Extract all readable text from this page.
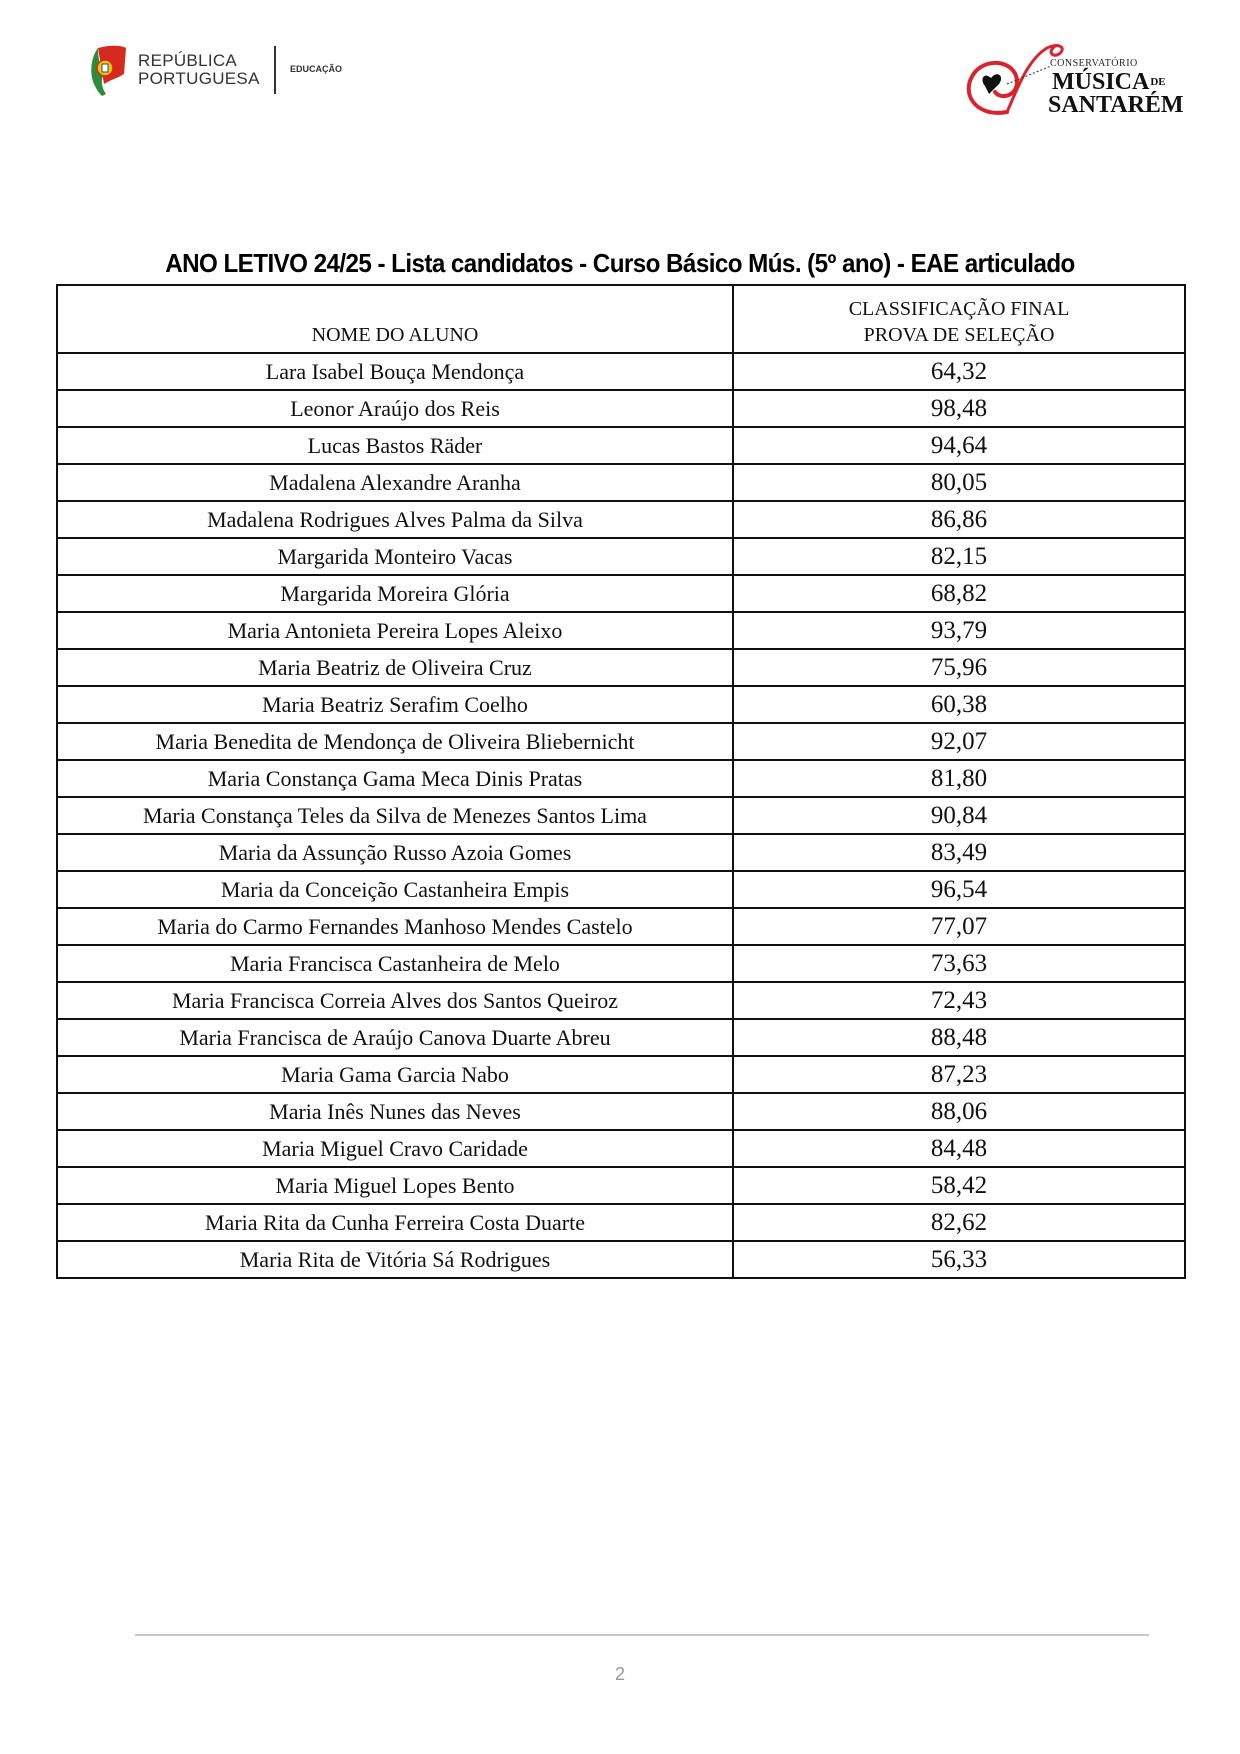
REPÚBLICA
PORTUGUESA	EDUCAÇÃO	CONSERVATÓRIO
$MÚSICA^{DE}$
SANTARÉM
ANO LETIVO 24/25 - Lista candidatos - Curso Básico Mús. (5º ano) - EAE articulado
NOME DO ALUNO	CLASSIFICAÇÃO FINAL
PROVA DE SELEÇÃO

Lara Isabel Bouça Mendonça	64,32
Leonor Araújo dos Reis	98,48
Lucas Bastos Räder	94,64
Madalena Alexandre Aranha	80,05
Madalena Rodrigues Alves Palma da Silva	86,86
Margarida Monteiro Vacas	82,15
Margarida Moreira Glória	68,82
Maria Antonieta Pereira Lopes Aleixo	93,79
Maria Beatriz de Oliveira Cruz	75,96
Maria Beatriz Serafim Coelho	60,38
Maria Benedita de Mendonça de Oliveira Bliebernicht	92,07
Maria Constança Gama Meca Dinis Pratas	81,80
Maria Constança Teles da Silva de Menezes Santos Lima	90,84
Maria da Assunção Russo Azoia Gomes	83,49
Maria da Conceição Castanheira Empis	96,54
Maria do Carmo Fernandes Manhoso Mendes Castelo	77,07
Maria Francisca Castanheira de Melo	73,63
Maria Francisca Correia Alves dos Santos Queiroz	72,43
Maria Francisca de Araújo Canova Duarte Abreu	88,48
Maria Gama Garcia Nabo	87,23
Maria Inês Nunes das Neves	88,06
Maria Miguel Cravo Caridade	84,48
Maria Miguel Lopes Bento	58,42
Maria Rita da Cunha Ferreira Costa Duarte	82,62
Maria Rita de Vitória Sá Rodrigues	56,33
2
